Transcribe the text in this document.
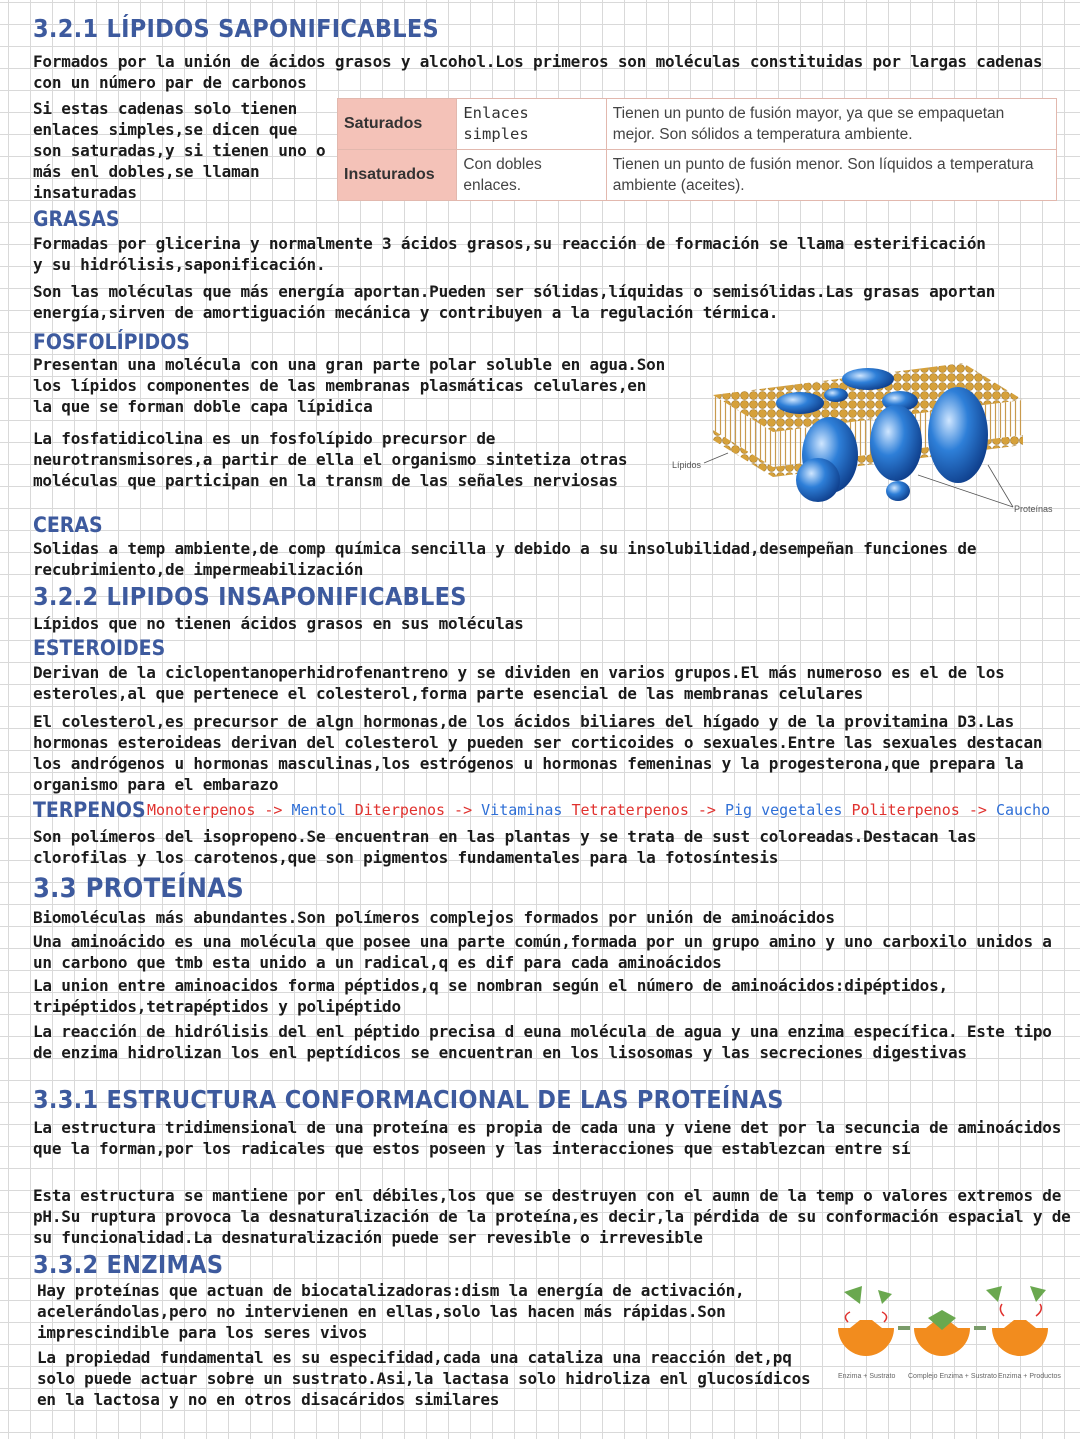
3.2.1 LÍPIDOS SAPONIFICABLES

Formados por la unión de ácidos grasos y alcohol.Los primeros son moléculas constituidas por largas cadenas con un número par de carbonos

Si estas cadenas solo tienen enlaces simples,se dicen que son saturadas,y si tienen uno o más enl dobles,se llaman insaturadas

Saturados	Enlaces simples	Tienen un punto de fusión mayor, ya que se empaquetan mejor. Son sólidos a temperatura ambiente.
Insaturados	Con dobles enlaces.	Tienen un punto de fusión menor. Son líquidos a temperatura ambiente (aceites).
GRASAS

Formadas por glicerina y normalmente 3 ácidos grasos,su reacción de formación se llama esterificación y su hidrólisis,saponificación.

Son las moléculas que más energía aportan.Pueden ser sólidas,líquidas o semisólidas.Las grasas aportan energía,sirven de amortiguación mecánica y contribuyen a la regulación térmica.

FOSFOLÍPIDOS

Presentan una molécula con una gran parte polar soluble en agua.Son los lípidos componentes de las membranas plasmáticas celulares,en la que se forman doble capa lípidica

La fosfatidicolina es un fosfolípido precursor de neurotransmisores,a partir de ella el organismo sintetiza otras moléculas que participan en la transm de las señales nerviosas

Lípidos
Proteínas
CERAS

Solidas a temp ambiente,de comp química sencilla y debido a su insolubilidad,desempeñan funciones de recubrimiento,de impermeabilización

3.2.2 LIPIDOS INSAPONIFICABLES

Lípidos que no tienen ácidos grasos en sus moléculas

ESTEROIDES

Derivan de la ciclopentanoperhidrofenantreno y se dividen en varios grupos.El más numeroso es el de los esteroles,al que pertenece el colesterol,forma parte esencial de las membranas celulares

El colesterol,es precursor de algn hormonas,de los ácidos biliares del hígado y de la provitamina D3.Las hormonas esteroideas derivan del colesterol y pueden ser corticoides o sexuales.Entre las sexuales destacan los andrógenos u hormonas masculinas,los estrógenos u hormonas femeninas y la progesterona,que prepara la organismo para el embarazo

TERPENOS Monoterpenos -> Mentol Diterpenos -> Vitaminas Tetraterpenos -> Pig vegetales Politerpenos -> Caucho

Son polímeros del isopropeno.Se encuentran en las plantas y se trata de sust coloreadas.Destacan las clorofilas y los carotenos,que son pigmentos fundamentales para la fotosíntesis

3.3 PROTEÍNAS

Biomoléculas más abundantes.Son polímeros complejos formados por unión de aminoácidos

Una aminoácido es una molécula que posee una parte común,formada por un grupo amino y uno carboxilo unidos a un carbono que tmb esta unido a un radical,q es dif para cada aminoácidos

La union entre aminoacidos forma péptidos,q se nombran según el número de aminoácidos:dipéptidos, tripéptidos,tetrapéptidos y polipéptido

La reacción de hidrólisis del enl péptido precisa d euna molécula de agua y una enzima específica. Este tipo de enzima hidrolizan los enl peptídicos se encuentran en los lisosomas y las secreciones digestivas

3.3.1 ESTRUCTURA CONFORMACIONAL DE LAS PROTEÍNAS

La estructura tridimensional de una proteína es propia de cada una y viene det por la secuncia de aminoácidos que la forman,por los radicales que estos poseen y las interacciones que establezcan entre sí

Esta estructura se mantiene por enl débiles,los que se destruyen con el aumn de la temp o valores extremos de pH.Su ruptura provoca la desnaturalización de la proteína,es decir,la pérdida de su conformación espacial y de su funcionalidad.La desnaturalización puede ser revesible o irrevesible

3.3.2 ENZIMAS

Hay proteínas que actuan de biocatalizadoras:dism la energía de activación, acelerándolas,pero no intervienen en ellas,solo las hacen más rápidas.Son imprescindible para los seres vivos

La propiedad fundamental es su especifidad,cada una cataliza una reacción det,pq solo puede actuar sobre un sustrato.Asi,la lactasa solo hidroliza enl glucosídicos en la lactosa y no en otros disacáridos similares

Enzima + Sustrato Complejo Enzima + Sustrato Enzima + Productos
